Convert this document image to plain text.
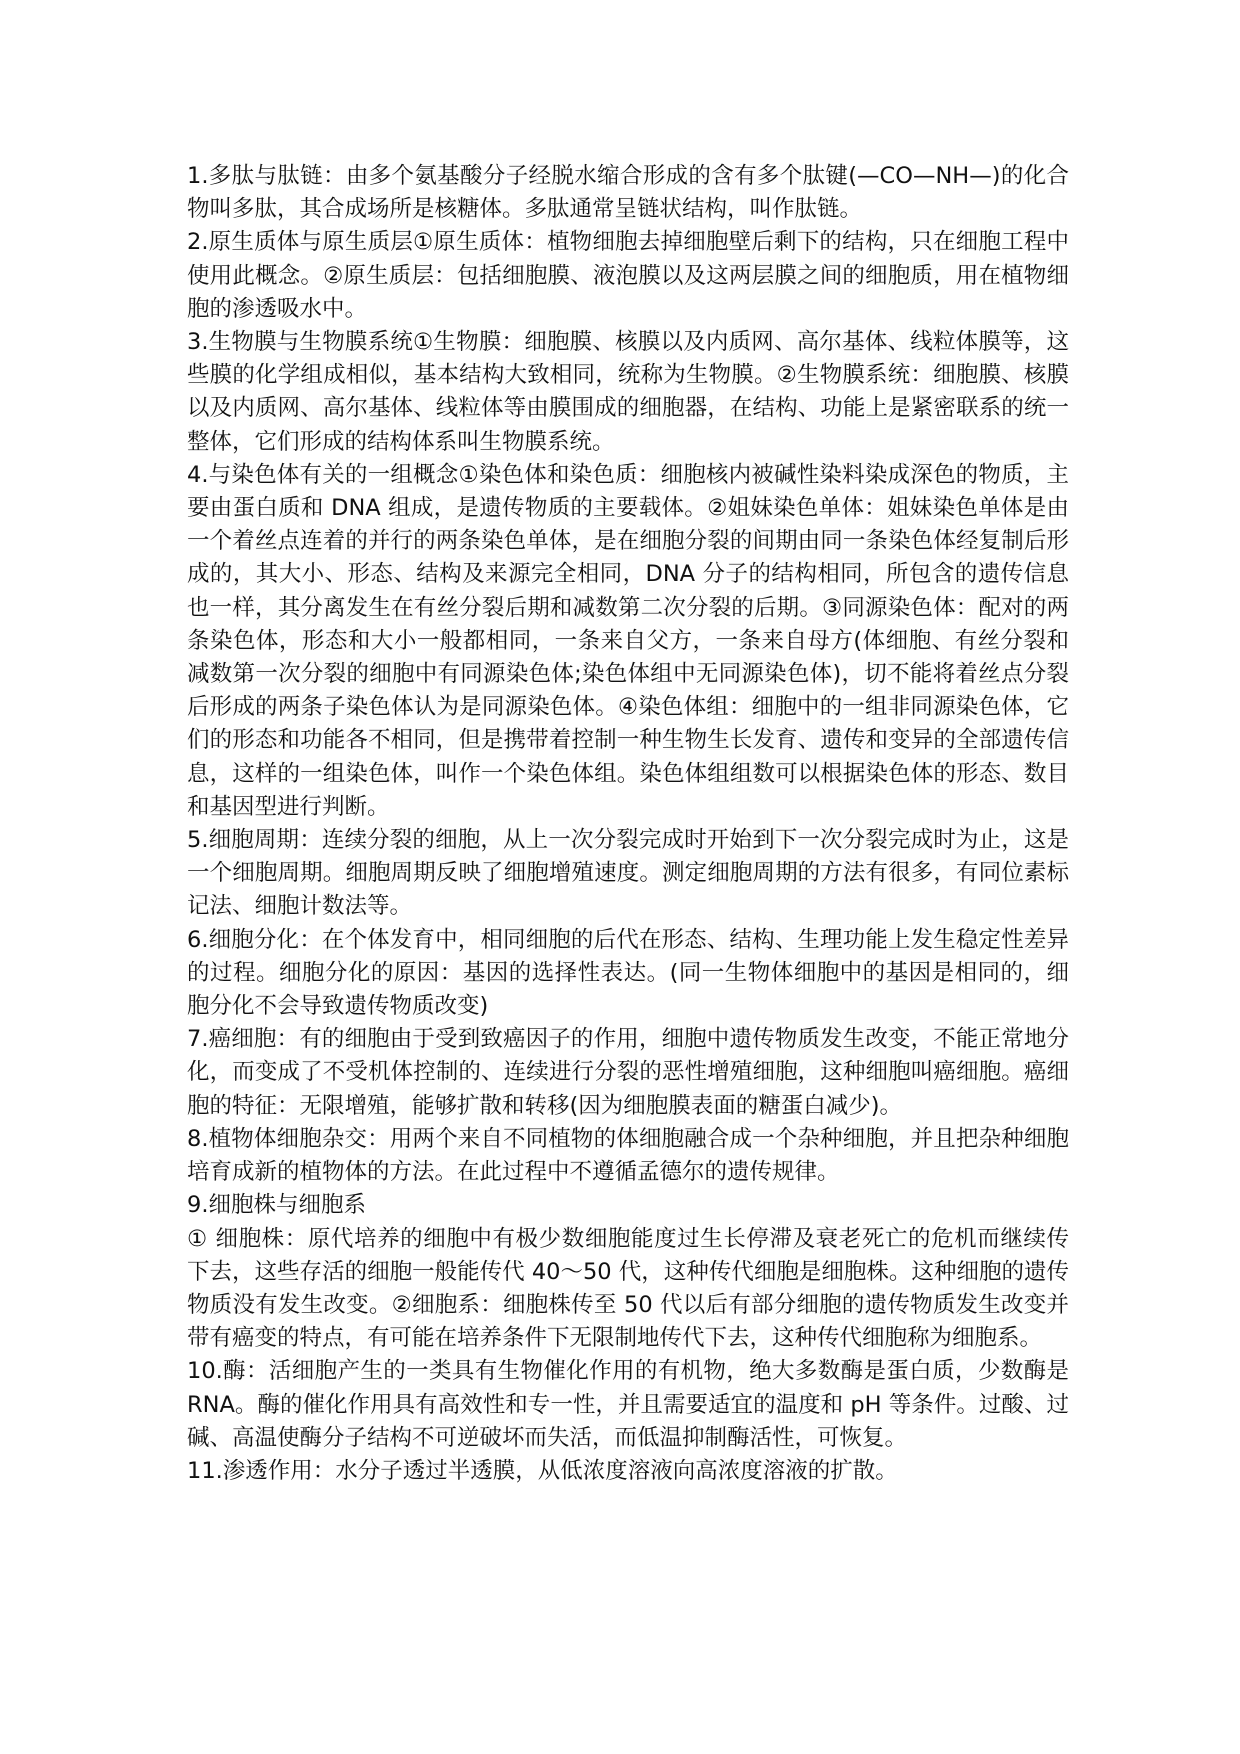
1.多肽与肽链：由多个氨基酸分子经脱水缩合形成的含有多个肽键(—CO—NH—)的化合物叫多肽，其合成场所是核糖体。多肽通常呈链状结构，叫作肽链。

2.原生质体与原生质层①原生质体：植物细胞去掉细胞壁后剩下的结构，只在细胞工程中使用此概念。②原生质层：包括细胞膜、液泡膜以及这两层膜之间的细胞质，用在植物细胞的渗透吸水中。

3.生物膜与生物膜系统①生物膜：细胞膜、核膜以及内质网、高尔基体、线粒体膜等，这些膜的化学组成相似，基本结构大致相同，统称为生物膜。②生物膜系统：细胞膜、核膜以及内质网、高尔基体、线粒体等由膜围成的细胞器，在结构、功能上是紧密联系的统一整体，它们形成的结构体系叫生物膜系统。

4.与染色体有关的一组概念①染色体和染色质：细胞核内被碱性染料染成深色的物质，主要由蛋白质和 DNA 组成，是遗传物质的主要载体。②姐妹染色单体：姐妹染色单体是由一个着丝点连着的并行的两条染色单体，是在细胞分裂的间期由同一条染色体经复制后形成的，其大小、形态、结构及来源完全相同，DNA 分子的结构相同，所包含的遗传信息也一样，其分离发生在有丝分裂后期和减数第二次分裂的后期。③同源染色体：配对的两条染色体，形态和大小一般都相同，一条来自父方，一条来自母方(体细胞、有丝分裂和减数第一次分裂的细胞中有同源染色体;染色体组中无同源染色体)，切不能将着丝点分裂后形成的两条子染色体认为是同源染色体。④染色体组：细胞中的一组非同源染色体，它们的形态和功能各不相同，但是携带着控制一种生物生长发育、遗传和变异的全部遗传信息，这样的一组染色体，叫作一个染色体组。染色体组组数可以根据染色体的形态、数目和基因型进行判断。

5.细胞周期：连续分裂的细胞，从上一次分裂完成时开始到下一次分裂完成时为止，这是一个细胞周期。细胞周期反映了细胞增殖速度。测定细胞周期的方法有很多，有同位素标记法、细胞计数法等。

6.细胞分化：在个体发育中，相同细胞的后代在形态、结构、生理功能上发生稳定性差异的过程。细胞分化的原因：基因的选择性表达。(同一生物体细胞中的基因是相同的，细胞分化不会导致遗传物质改变)

7.癌细胞：有的细胞由于受到致癌因子的作用，细胞中遗传物质发生改变，不能正常地分化，而变成了不受机体控制的、连续进行分裂的恶性增殖细胞，这种细胞叫癌细胞。癌细胞的特征：无限增殖，能够扩散和转移(因为细胞膜表面的糖蛋白减少)。

8.植物体细胞杂交：用两个来自不同植物的体细胞融合成一个杂种细胞，并且把杂种细胞培育成新的植物体的方法。在此过程中不遵循孟德尔的遗传规律。

9.细胞株与细胞系

① 细胞株：原代培养的细胞中有极少数细胞能度过生长停滞及衰老死亡的危机而继续传下去，这些存活的细胞一般能传代 40～50 代，这种传代细胞是细胞株。这种细胞的遗传物质没有发生改变。②细胞系：细胞株传至 50 代以后有部分细胞的遗传物质发生改变并带有癌变的特点，有可能在培养条件下无限制地传代下去，这种传代细胞称为细胞系。

10.酶：活细胞产生的一类具有生物催化作用的有机物，绝大多数酶是蛋白质，少数酶是 RNA。酶的催化作用具有高效性和专一性，并且需要适宜的温度和 pH 等条件。过酸、过碱、高温使酶分子结构不可逆破坏而失活，而低温抑制酶活性，可恢复。

11.渗透作用：水分子透过半透膜，从低浓度溶液向高浓度溶液的扩散。
